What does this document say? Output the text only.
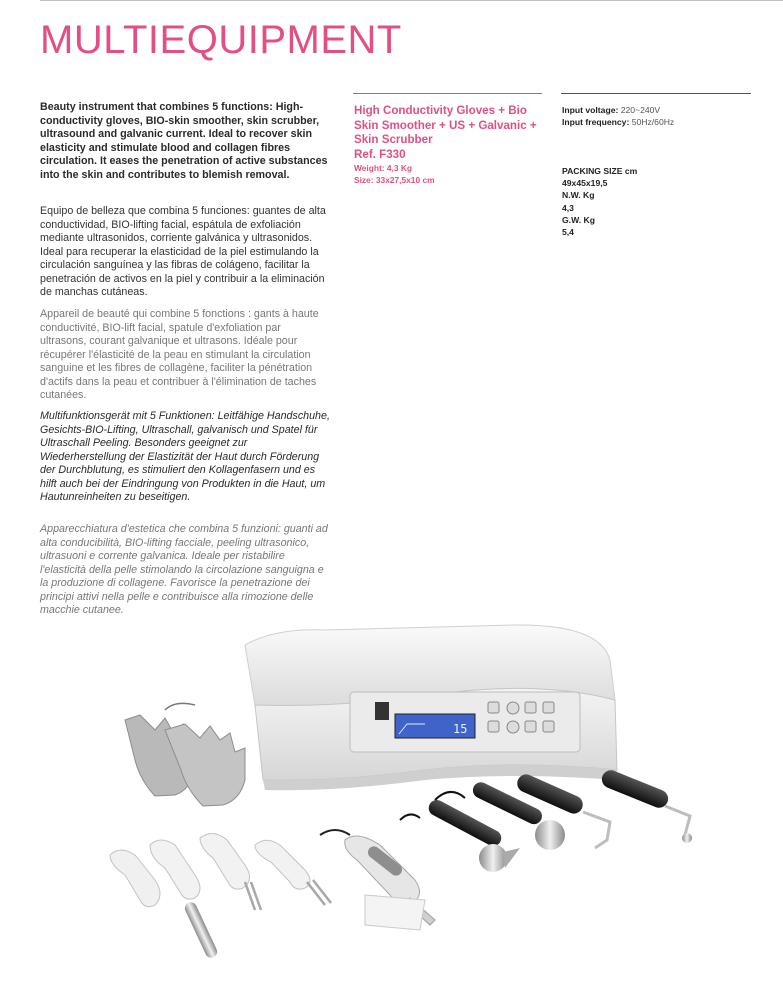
MULTIEQUIPMENT

Beauty instrument that combines 5 functions: High-conductivity gloves, BIO-skin smoother, skin scrubber, ultrasound and galvanic current. Ideal to recover skin elasticity and stimulate blood and collagen fibres circulation. It eases the penetration of active substances into the skin and contributes to blemish removal.

Equipo de belleza que combina 5 funciones: guantes de alta conductividad, BIO-lifting facial, espátula de exfoliación mediante ultrasonidos, corriente galvánica y ultrasonidos. Ideal para recuperar la elasticidad de la piel estimulando la circulación sanguínea y las fibras de colágeno, facilitar la penetración de activos en la piel y contribuir a la eliminación de manchas cutáneas.

Appareil de beauté qui combine 5 fonctions : gants à haute conductivité, BIO-lift facial, spatule d'exfoliation par ultrasons, courant galvanique et ultrasons. Idéale pour récupérer l'élasticité de la peau en stimulant la circulation sanguine et les fibres de collagène, faciliter la pénétration d'actifs dans la peau et contribuer à l'élimination de taches cutanées.

Multifunktionsgerät mit 5 Funktionen: Leitfähige Handschuhe, Gesichts-BIO-Lifting, Ultraschall, galvanisch und Spatel für Ultraschall Peeling. Besonders geeignet zur Wiederherstellung der Elastizität der Haut durch Förderung der Durchblutung, es stimuliert den Kollagenfasern und es hilft auch bei der Eindringung von Produkten in die Haut, um Hautunreinheiten zu beseitigen.

Apparecchiatura d'estetica che combina 5 funzioni: guanti ad alta conducibilità, BIO-lifting facciale, peeling ultrasonico, ultrasuoni e corrente galvanica. Ideale per ristabilire l'elasticità della pelle stimolando la circolazione sanguigna e la produzione di collagene. Favorisce la penetrazione dei principi attivi nella pelle e contribuisce alla rimozione delle macchie cutanee.

High Conductivity Gloves + Bio Skin Smoother + US + Galvanic + Skin Scrubber

Ref. F330

Weight: 4,3 Kg

Size: 33x27,5x10 cm

Input voltage: 220~240V
Input frequency: 50Hz/60Hz
PACKING SIZE cm
49x45x19,5
N.W. Kg
4,3
G.W. Kg
5,4
15
